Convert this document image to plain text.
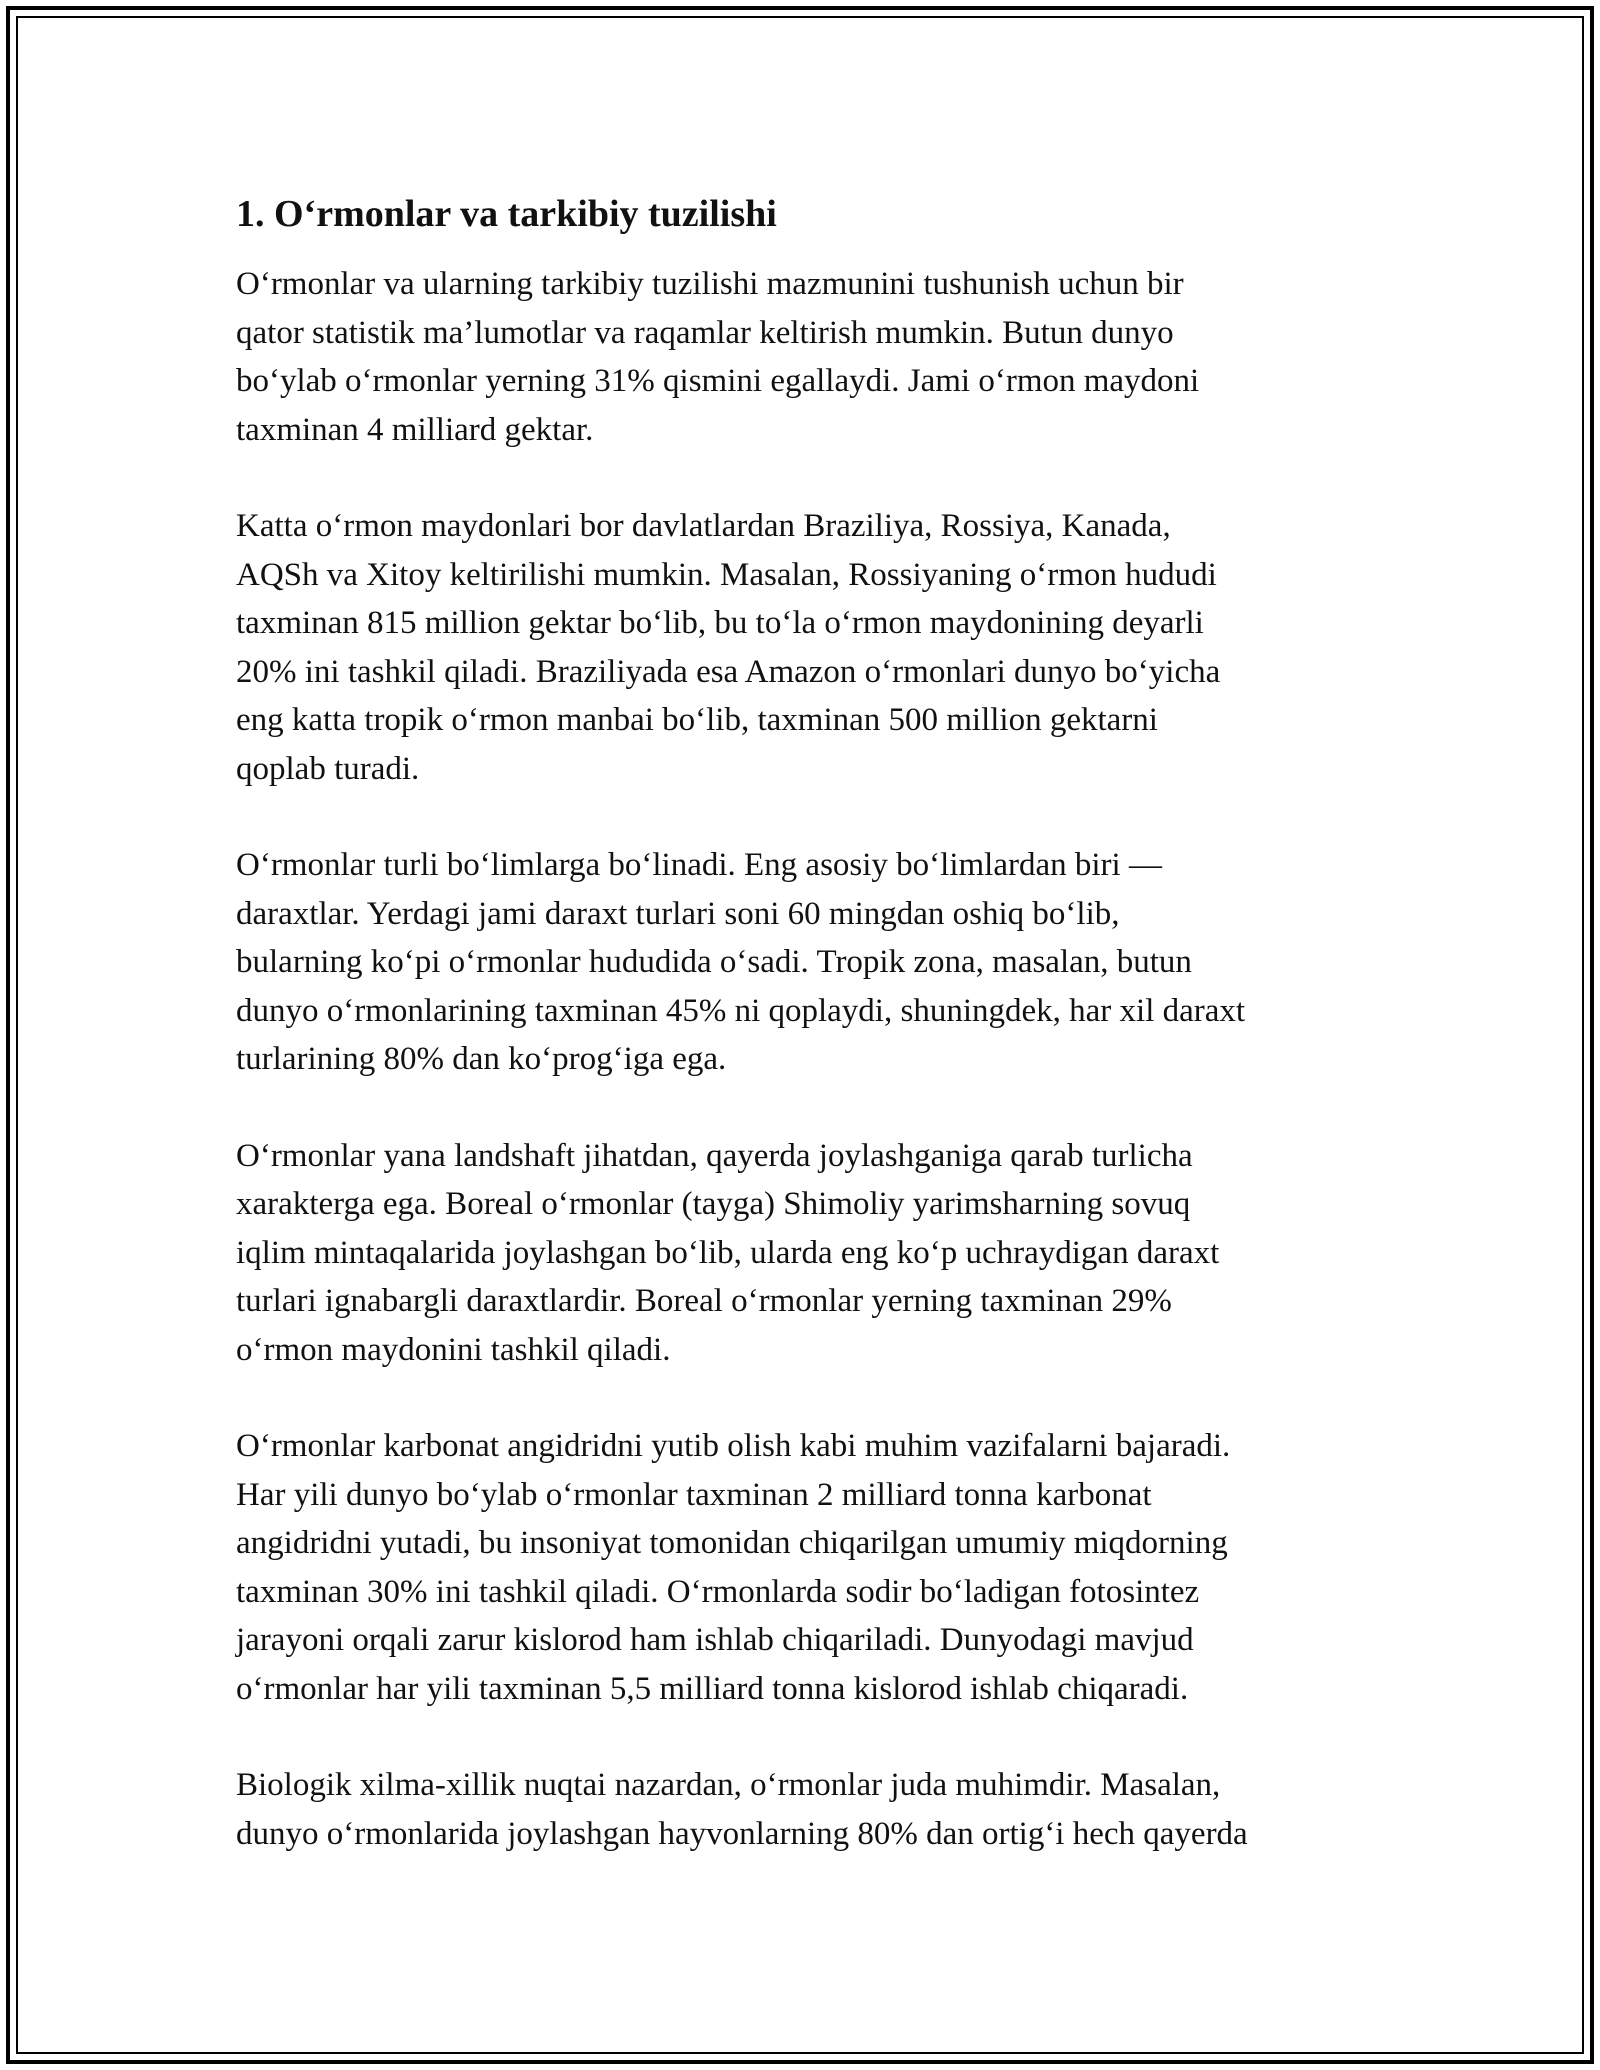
1. O‘rmonlar va tarkibiy tuzilishi
O‘rmonlar va ularning tarkibiy tuzilishi mazmunini tushunish uchun bir
qator statistik ma’lumotlar va raqamlar keltirish mumkin. Butun dunyo
bo‘ylab o‘rmonlar yerning 31% qismini egallaydi. Jami o‘rmon maydoni
taxminan 4 milliard gektar.
Katta o‘rmon maydonlari bor davlatlardan Braziliya, Rossiya, Kanada,
AQSh va Xitoy keltirilishi mumkin. Masalan, Rossiyaning o‘rmon hududi
taxminan 815 million gektar bo‘lib, bu to‘la o‘rmon maydonining deyarli
20% ini tashkil qiladi. Braziliyada esa Amazon o‘rmonlari dunyo bo‘yicha
eng katta tropik o‘rmon manbai bo‘lib, taxminan 500 million gektarni
qoplab turadi.
O‘rmonlar turli bo‘limlarga bo‘linadi. Eng asosiy bo‘limlardan biri —
daraxtlar. Yerdagi jami daraxt turlari soni 60 mingdan oshiq bo‘lib,
bularning ko‘pi o‘rmonlar hududida o‘sadi. Tropik zona, masalan, butun
dunyo o‘rmonlarining taxminan 45% ni qoplaydi, shuningdek, har xil daraxt
turlarining 80% dan ko‘prog‘iga ega.
O‘rmonlar yana landshaft jihatdan, qayerda joylashganiga qarab turlicha
xarakterga ega. Boreal o‘rmonlar (tayga) Shimoliy yarimsharning sovuq
iqlim mintaqalarida joylashgan bo‘lib, ularda eng ko‘p uchraydigan daraxt
turlari ignabargli daraxtlardir. Boreal o‘rmonlar yerning taxminan 29%
o‘rmon maydonini tashkil qiladi.
O‘rmonlar karbonat angidridni yutib olish kabi muhim vazifalarni bajaradi.
Har yili dunyo bo‘ylab o‘rmonlar taxminan 2 milliard tonna karbonat
angidridni yutadi, bu insoniyat tomonidan chiqarilgan umumiy miqdorning
taxminan 30% ini tashkil qiladi. O‘rmonlarda sodir bo‘ladigan fotosintez
jarayoni orqali zarur kislorod ham ishlab chiqariladi. Dunyodagi mavjud
o‘rmonlar har yili taxminan 5,5 milliard tonna kislorod ishlab chiqaradi.
Biologik xilma-xillik nuqtai nazardan, o‘rmonlar juda muhimdir. Masalan,
dunyo o‘rmonlarida joylashgan hayvonlarning 80% dan ortig‘i hech qayerda
